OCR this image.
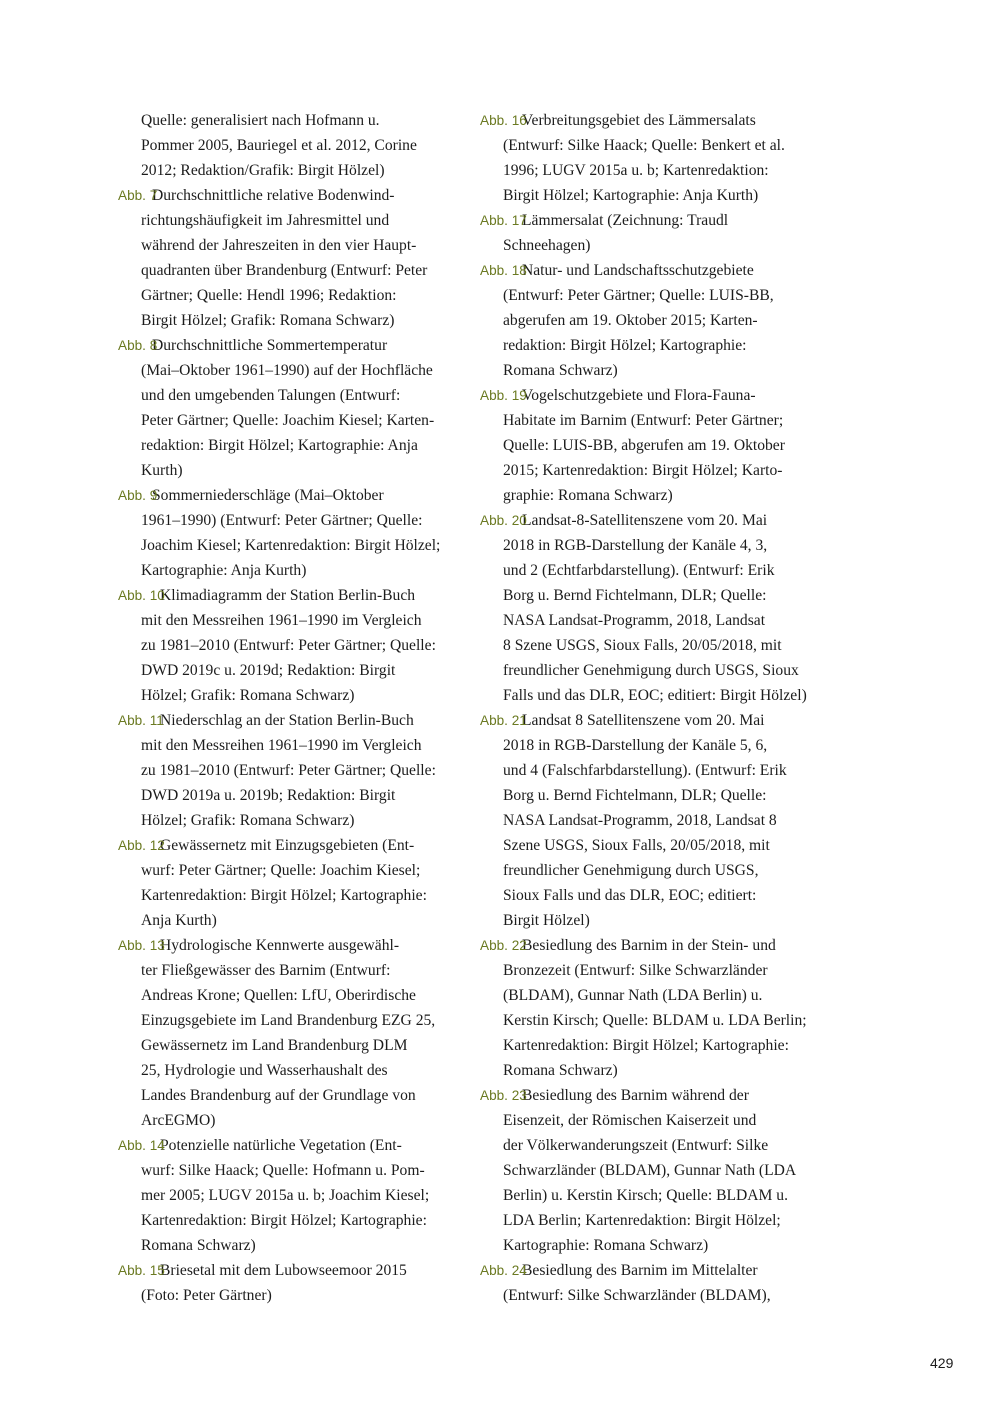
Quelle: generalisiert nach Hofmann u.
Pommer 2005, Bauriegel et al. 2012, Corine
2012; Redaktion/Grafik: Birgit Hölzel)
Abb. 7
Durchschnittliche relative Bodenwind-
richtungshäufigkeit im Jahresmittel und
während der Jahreszeiten in den vier Haupt-
quadranten über Brandenburg (Entwurf: Peter
Gärtner; Quelle: Hendl 1996; Redaktion:
Birgit Hölzel; Grafik: Romana Schwarz)
Abb. 8
Durchschnittliche Sommertemperatur
(Mai–Oktober 1961–1990) auf der Hochfläche
und den umgebenden Talungen (Entwurf:
Peter Gärtner; Quelle: Joachim Kiesel; Karten-
redaktion: Birgit Hölzel; Kartographie: Anja
Kurth)
Abb. 9
Sommerniederschläge (Mai–Oktober
1961–1990) (Entwurf: Peter Gärtner; Quelle:
Joachim Kiesel; Kartenredaktion: Birgit Hölzel;
Kartographie: Anja Kurth)
Abb. 10
Klimadiagramm der Station Berlin-Buch
mit den Messreihen 1961–1990 im Vergleich
zu 1981–2010 (Entwurf: Peter Gärtner; Quelle:
DWD 2019c u. 2019d; Redaktion: Birgit
Hölzel; Grafik: Romana Schwarz)
Abb. 11
Niederschlag an der Station Berlin-Buch
mit den Messreihen 1961–1990 im Vergleich
zu 1981–2010 (Entwurf: Peter Gärtner; Quelle:
DWD 2019a u. 2019b; Redaktion: Birgit
Hölzel; Grafik: Romana Schwarz)
Abb. 12
Gewässernetz mit Einzugsgebieten (Ent-
wurf: Peter Gärtner; Quelle: Joachim Kiesel;
Kartenredaktion: Birgit Hölzel; Kartographie:
Anja Kurth)
Abb. 13
Hydrologische Kennwerte ausgewähl-
ter Fließgewässer des Barnim (Entwurf:
Andreas Krone; Quellen: LfU, Oberirdische
Einzugsgebiete im Land Brandenburg EZG 25,
Gewässernetz im Land Brandenburg DLM
25, Hydrologie und Wasserhaushalt des
Landes Brandenburg auf der Grundlage von
ArcEGMO)
Abb. 14
Potenzielle natürliche Vegetation (Ent-
wurf: Silke Haack; Quelle: Hofmann u. Pom-
mer 2005; LUGV 2015a u. b; Joachim Kiesel;
Kartenredaktion: Birgit Hölzel; Kartographie:
Romana Schwarz)
Abb. 15
Briesetal mit dem Lubowseemoor 2015
(Foto: Peter Gärtner)
Abb. 16
Verbreitungsgebiet des Lämmersalats
(Entwurf: Silke Haack; Quelle: Benkert et al.
1996; LUGV 2015a u. b; Kartenredaktion:
Birgit Hölzel; Kartographie: Anja Kurth)
Abb. 17
Lämmersalat (Zeichnung: Traudl
Schneehagen)
Abb. 18
Natur- und Landschaftsschutzgebiete
(Entwurf: Peter Gärtner; Quelle: LUIS-BB,
abgerufen am 19. Oktober 2015; Karten-
redaktion: Birgit Hölzel; Kartographie:
Romana Schwarz)
Abb. 19
Vogelschutzgebiete und Flora-Fauna-
Habitate im Barnim (Entwurf: Peter Gärtner;
Quelle: LUIS-BB, abgerufen am 19. Oktober
2015; Kartenredaktion: Birgit Hölzel; Karto-
graphie: Romana Schwarz)
Abb. 20
Landsat-8-Satellitenszene vom 20. Mai
2018 in RGB-Darstellung der Kanäle 4, 3,
und 2 (Echtfarbdarstellung). (Entwurf: Erik
Borg u. Bernd Fichtelmann, DLR; Quelle:
NASA Landsat-Programm, 2018, Landsat
8 Szene USGS, Sioux Falls, 20/05/2018, mit
freundlicher Genehmigung durch USGS, Sioux
Falls und das DLR, EOC; editiert: Birgit Hölzel)
Abb. 21
Landsat 8 Satellitenszene vom 20. Mai
2018 in RGB-Darstellung der Kanäle 5, 6,
und 4 (Falschfarbdarstellung). (Entwurf: Erik
Borg u. Bernd Fichtelmann, DLR; Quelle:
NASA Landsat-Programm, 2018, Landsat 8
Szene USGS, Sioux Falls, 20/05/2018, mit
freundlicher Genehmigung durch USGS,
Sioux Falls und das DLR, EOC; editiert:
Birgit Hölzel)
Abb. 22
Besiedlung des Barnim in der Stein- und
Bronzezeit (Entwurf: Silke Schwarzländer
(BLDAM), Gunnar Nath (LDA Berlin) u.
Kerstin Kirsch; Quelle: BLDAM u. LDA Berlin;
Kartenredaktion: Birgit Hölzel; Kartographie:
Romana Schwarz)
Abb. 23
Besiedlung des Barnim während der
Eisenzeit, der Römischen Kaiserzeit und
der Völkerwanderungszeit (Entwurf: Silke
Schwarzländer (BLDAM), Gunnar Nath (LDA
Berlin) u. Kerstin Kirsch; Quelle: BLDAM u.
LDA Berlin; Kartenredaktion: Birgit Hölzel;
Kartographie: Romana Schwarz)
Abb. 24
Besiedlung des Barnim im Mittelalter
(Entwurf: Silke Schwarzländer (BLDAM),
429
